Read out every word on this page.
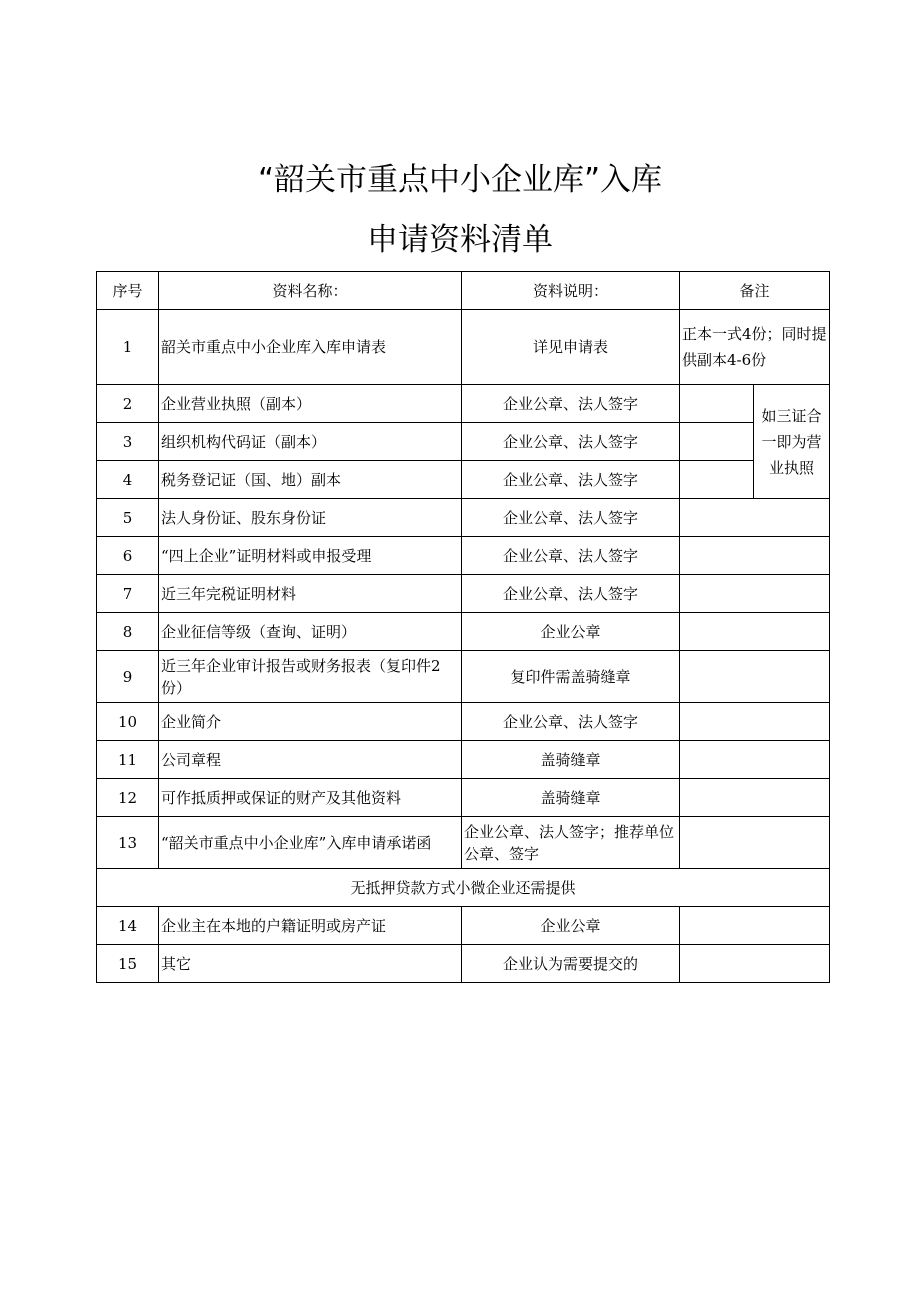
“韶关市重点中小企业库”入库
申请资料清单
序号	资料名称：	资料说明：	备注	
1	韶关市重点中小企业库入库申请表	详见申请表	正本一式4份；同时提供副本4-6份	
2	企业营业执照（副本）	企业公章、法人签字		如三证合一即为营业执照
3	组织机构代码证（副本）	企业公章、法人签字		
4	税务登记证（国、地）副本	企业公章、法人签字		
5	法人身份证、股东身份证	企业公章、法人签字		
6	“四上企业”证明材料或申报受理	企业公章、法人签字		
7	近三年完税证明材料	企业公章、法人签字		
8	企业征信等级（查询、证明）	企业公章		
9	近三年企业审计报告或财务报表（复印件2份）	复印件需盖骑缝章		
10	企业简介	企业公章、法人签字		
11	公司章程	盖骑缝章		
12	可作抵质押或保证的财产及其他资料	盖骑缝章		
13	“韶关市重点中小企业库”入库申请承诺函	企业公章、法人签字；推荐单位公章、签字		
无抵押贷款方式小微企业还需提供				
14	企业主在本地的户籍证明或房产证	企业公章		
15	其它	企业认为需要提交的		
